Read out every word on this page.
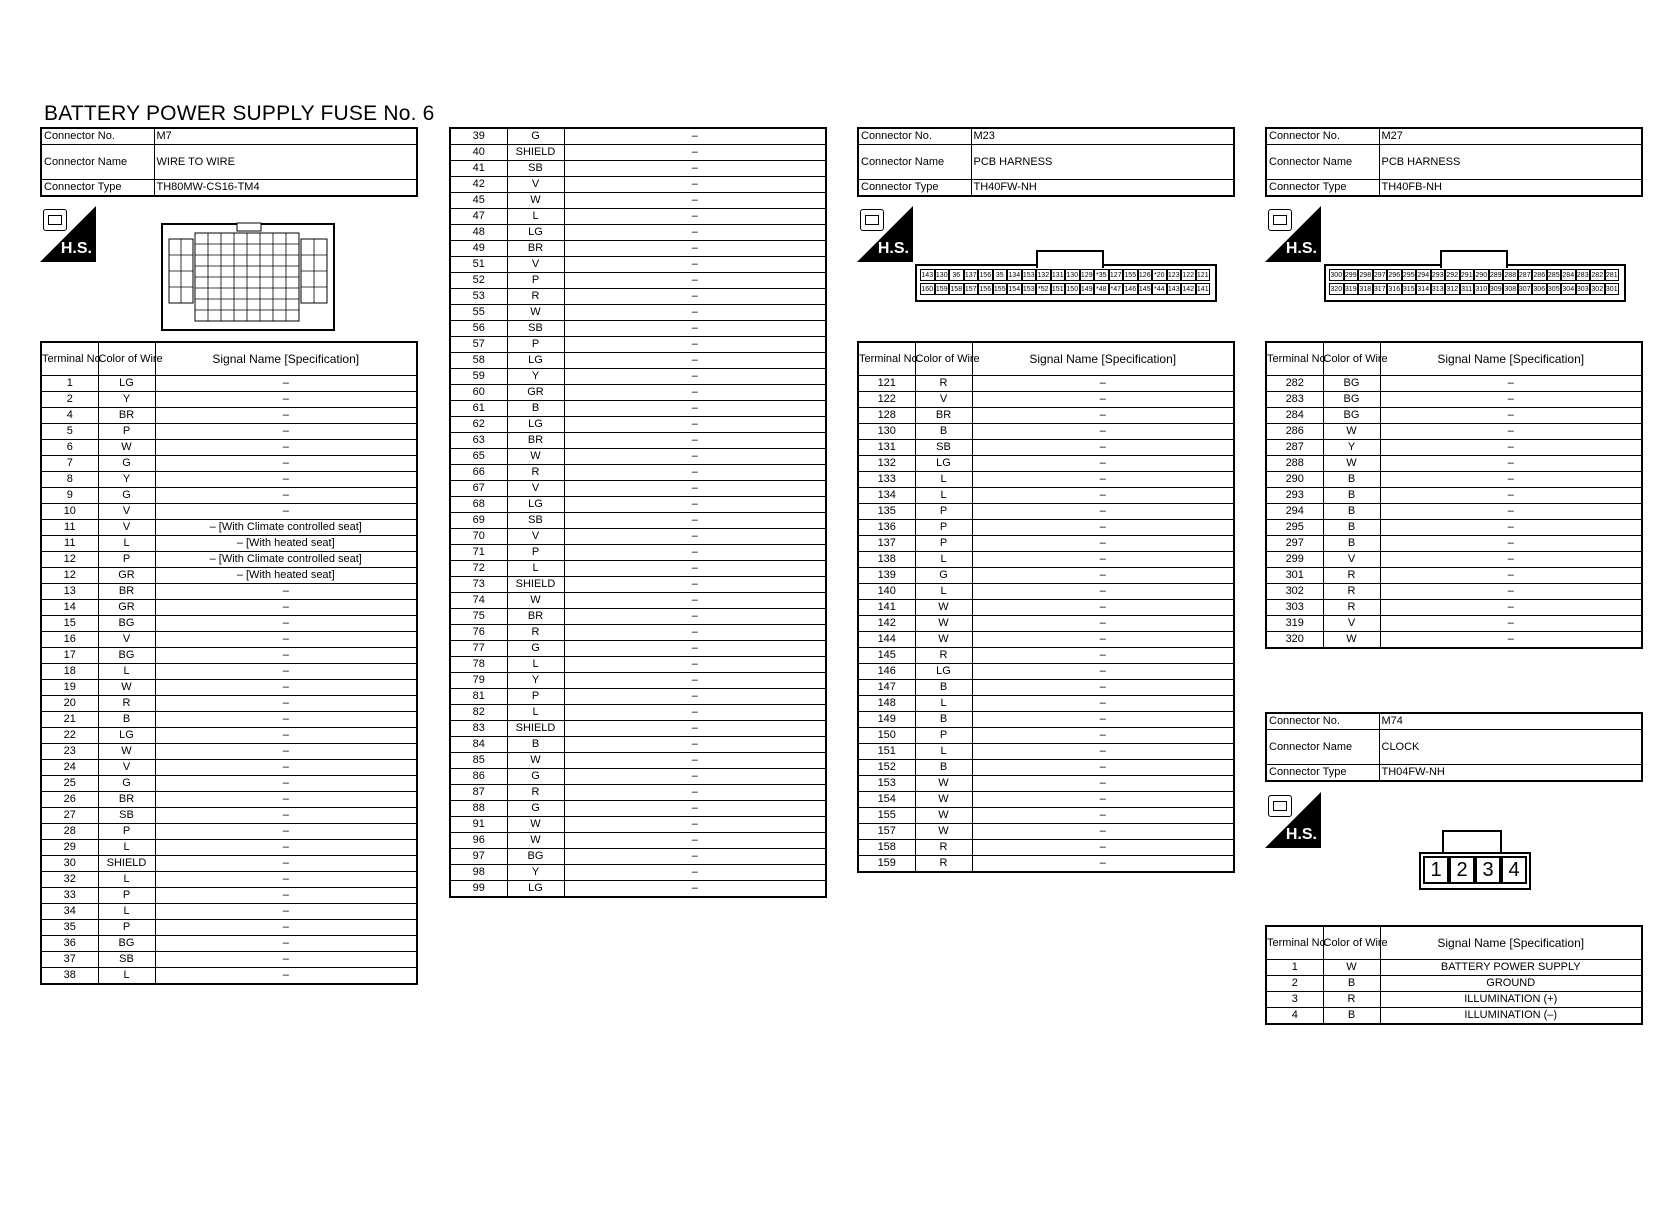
BATTERY POWER SUPPLY FUSE No. 6
Connector No.	M7
Connector Name	WIRE TO WIRE
Connector Type	TH80MW-CS16-TM4
H.S.
Terminal No.	Color of Wire	Signal Name [Specification]
1	LG	–
2	Y	–
4	BR	–
5	P	–
6	W	–
7	G	–
8	Y	–
9	G	–
10	V	–
11	V	– [With Climate controlled seat]
11	L	– [With heated seat]
12	P	– [With Climate controlled seat]
12	GR	– [With heated seat]
13	BR	–
14	GR	–
15	BG	–
16	V	–
17	BG	–
18	L	–
19	W	–
20	R	–
21	B	–
22	LG	–
23	W	–
24	V	–
25	G	–
26	BR	–
27	SB	–
28	P	–
29	L	–
30	SHIELD	–
32	L	–
33	P	–
34	L	–
35	P	–
36	BG	–
37	SB	–
38	L	–
39	G	–
40	SHIELD	–
41	SB	–
42	V	–
45	W	–
47	L	–
48	LG	–
49	BR	–
51	V	–
52	P	–
53	R	–
55	W	–
56	SB	–
57	P	–
58	LG	–
59	Y	–
60	GR	–
61	B	–
62	LG	–
63	BR	–
65	W	–
66	R	–
67	V	–
68	LG	–
69	SB	–
70	V	–
71	P	–
72	L	–
73	SHIELD	–
74	W	–
75	BR	–
76	R	–
77	G	–
78	L	–
79	Y	–
81	P	–
82	L	–
83	SHIELD	–
84	B	–
85	W	–
86	G	–
87	R	–
88	G	–
91	W	–
96	W	–
97	BG	–
98	Y	–
99	LG	–
Connector No.	M23
Connector Name	PCB HARNESS
Connector Type	TH40FW-NH
H.S.
143 130 36 137 156 35 134 153 132 131 130 129 *35 127 155 126 *20 123 122 121
160 159 158 157 156 155 154 153 *52 151 150 149 *48 *47 146 145 *44 143 142 141
Terminal No.	Color of Wire	Signal Name [Specification]
121	R	–
122	V	–
128	BR	–
130	B	–
131	SB	–
132	LG	–
133	L	–
134	L	–
135	P	–
136	P	–
137	P	–
138	L	–
139	G	–
140	L	–
141	W	–
142	W	–
144	W	–
145	R	–
146	LG	–
147	B	–
148	L	–
149	B	–
150	P	–
151	L	–
152	B	–
153	W	–
154	W	–
155	W	–
157	W	–
158	R	–
159	R	–
Connector No.	M27
Connector Name	PCB HARNESS
Connector Type	TH40FB-NH
H.S.
300 299 298 297 296 295 294 293 292 291 290 289 288 287 286 285 284 283 282 281
320 319 318 317 316 315 314 313 312 311 310 309 308 307 306 305 304 303 302 301
Terminal No.	Color of Wire	Signal Name [Specification]
282	BG	–
283	BG	–
284	BG	–
286	W	–
287	Y	–
288	W	–
290	B	–
293	B	–
294	B	–
295	B	–
297	B	–
299	V	–
301	R	–
302	R	–
303	R	–
319	V	–
320	W	–
Connector No.	M74
Connector Name	CLOCK
Connector Type	TH04FW-NH
H.S.
1 2 3 4
Terminal No.	Color of Wire	Signal Name [Specification]
1	W	BATTERY POWER SUPPLY
2	B	GROUND
3	R	ILLUMINATION (+)
4	B	ILLUMINATION (–)
